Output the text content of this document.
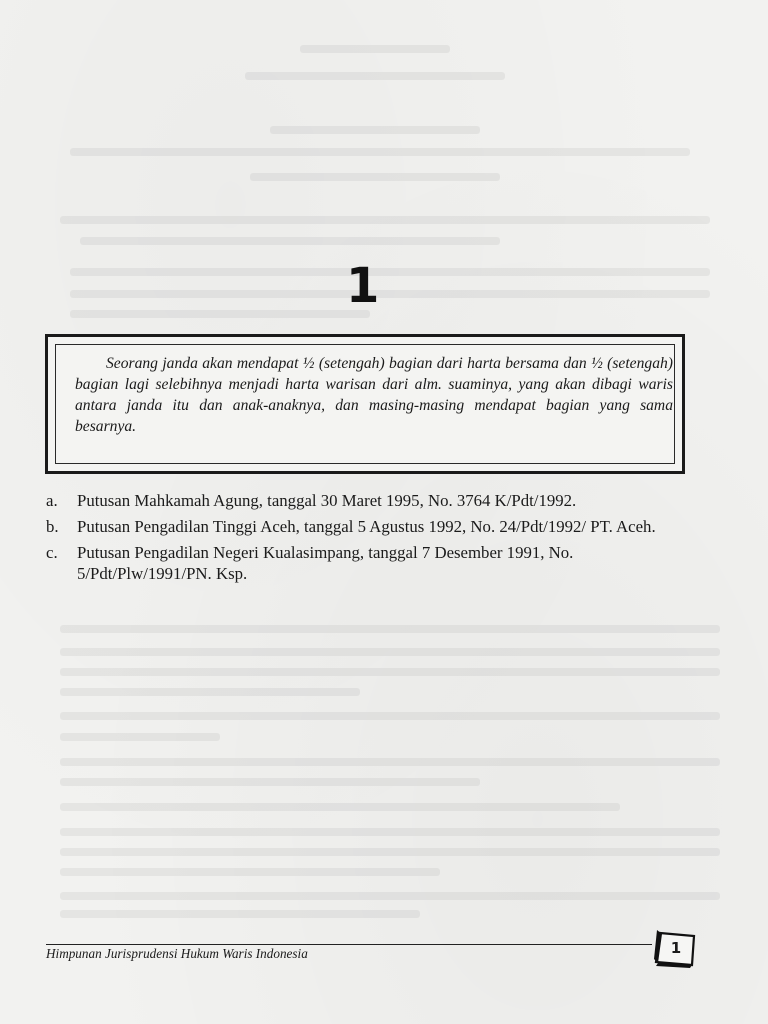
1

Seorang janda akan mendapat ½ (setengah) bagian dari harta bersama dan ½ (setengah) bagian lagi selebihnya menjadi harta warisan dari alm. suaminya, yang akan dibagi waris antara janda itu dan anak-anaknya, dan masing-masing mendapat bagian yang sama besarnya.

a.	Putusan Mahkamah Agung, tanggal 30 Maret 1995, No. 3764 K/Pdt/1992.
b.	Putusan Pengadilan Tinggi Aceh, tanggal 5 Agustus 1992, No. 24/Pdt/1992/ PT. Aceh.
c.	Putusan Pengadilan Negeri Kualasimpang, tanggal 7 Desember 1991, No. 5/Pdt/Plw/1991/PN. Ksp.
Himpunan Jurisprudensi Hukum Waris Indonesia	1
